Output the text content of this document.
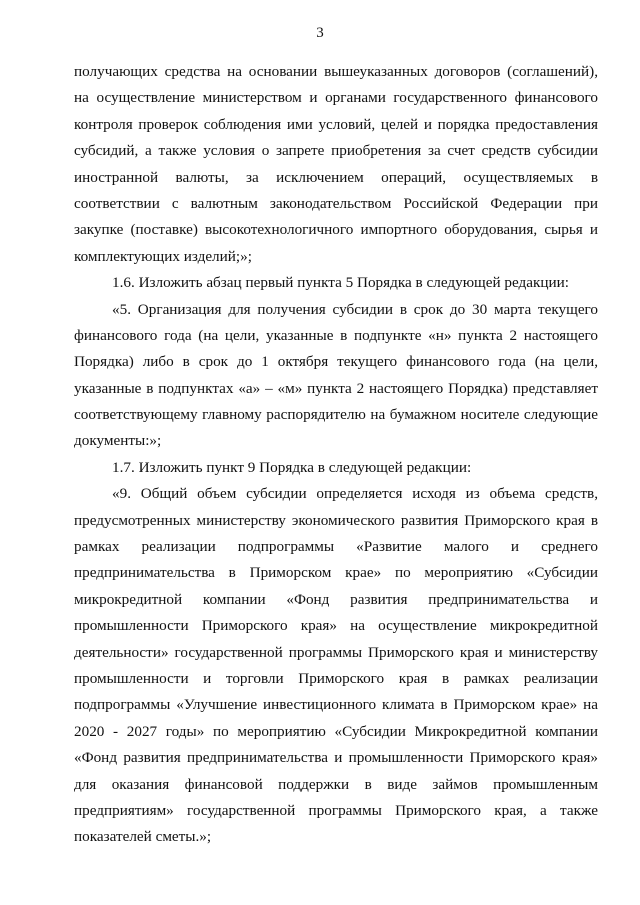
3
получающих средства на основании вышеуказанных договоров (соглашений),
на осуществление министерством и органами государственного финансового
контроля проверок соблюдения ими условий, целей и порядка предоставления
субсидий, а также условия о запрете приобретения за счет средств субсидии
иностранной валюты, за исключением операций, осуществляемых в
соответствии с валютным законодательством Российской Федерации при
закупке (поставке) высокотехнологичного импортного оборудования, сырья и
комплектующих изделий;»;
1.6. Изложить абзац первый пункта 5 Порядка в следующей редакции:
«5. Организация для получения субсидии в срок до 30 марта текущего
финансового года (на цели, указанные в подпункте «н» пункта 2 настоящего
Порядка) либо в срок до 1 октября текущего финансового года (на цели,
указанные в подпунктах «а» – «м» пункта 2 настоящего Порядка) представляет
соответствующему главному распорядителю на бумажном носителе следующие
документы:»;
1.7. Изложить пункт 9 Порядка в следующей редакции:
«9. Общий объем субсидии определяется исходя из объема средств,
предусмотренных министерству экономического развития Приморского края в
рамках реализации подпрограммы «Развитие малого и среднего
предпринимательства в Приморском крае» по мероприятию «Субсидии
микрокредитной компании «Фонд развития предпринимательства и
промышленности Приморского края» на осуществление микрокредитной
деятельности» государственной программы Приморского края и министерству
промышленности и торговли Приморского края в рамках реализации
подпрограммы «Улучшение инвестиционного климата в Приморском крае» на
2020 - 2027 годы» по мероприятию «Субсидии Микрокредитной компании
«Фонд развития предпринимательства и промышленности Приморского края»
для оказания финансовой поддержки в виде займов промышленным
предприятиям» государственной программы Приморского края, а также
показателей сметы.»;
